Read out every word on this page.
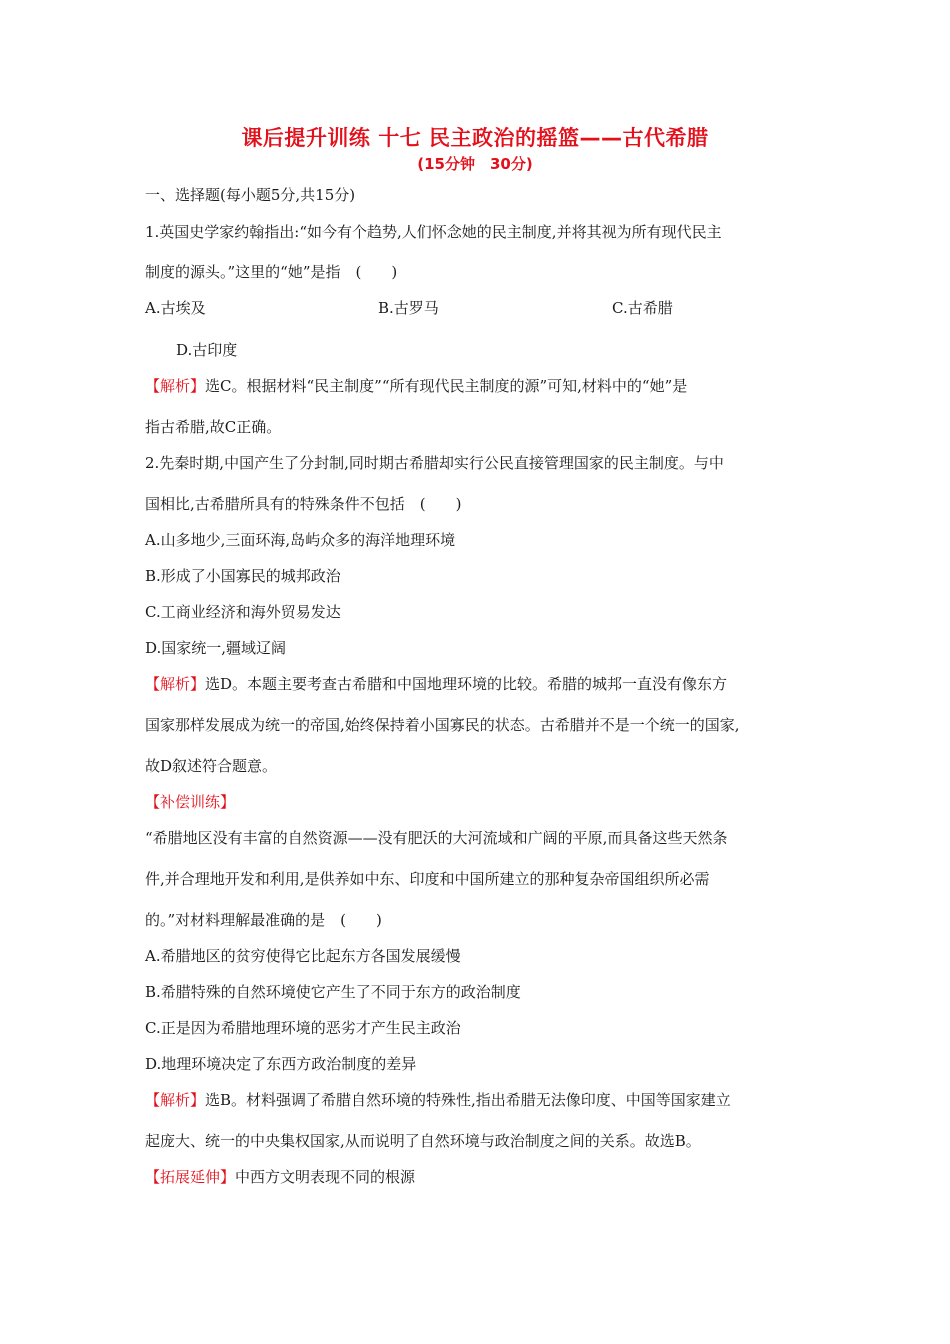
课后提升训练 十七 民主政治的摇篮——古代希腊
(15分钟　30分)
一、选择题(每小题5分,共15分)
1.英国史学家约翰指出:“如今有个趋势,人们怀念她的民主制度,并将其视为所有现代民主
制度的源头。”这里的“她”是指　(　　)
A.古埃及	B.古罗马	C.古希腊
D.古印度
【解析】选C。根据材料“民主制度”“所有现代民主制度的源”可知,材料中的“她”是
指古希腊,故C正确。
2.先秦时期,中国产生了分封制,同时期古希腊却实行公民直接管理国家的民主制度。与中
国相比,古希腊所具有的特殊条件不包括　(　　)
A.山多地少,三面环海,岛屿众多的海洋地理环境
B.形成了小国寡民的城邦政治
C.工商业经济和海外贸易发达
D.国家统一,疆域辽阔
【解析】选D。本题主要考查古希腊和中国地理环境的比较。希腊的城邦一直没有像东方
国家那样发展成为统一的帝国,始终保持着小国寡民的状态。古希腊并不是一个统一的国家,
故D叙述符合题意。
【补偿训练】
“希腊地区没有丰富的自然资源——没有肥沃的大河流域和广阔的平原,而具备这些天然条
件,并合理地开发和利用,是供养如中东、印度和中国所建立的那种复杂帝国组织所必需
的。”对材料理解最准确的是　(　　)
A.希腊地区的贫穷使得它比起东方各国发展缓慢
B.希腊特殊的自然环境使它产生了不同于东方的政治制度
C.正是因为希腊地理环境的恶劣才产生民主政治
D.地理环境决定了东西方政治制度的差异
【解析】选B。材料强调了希腊自然环境的特殊性,指出希腊无法像印度、中国等国家建立
起庞大、统一的中央集权国家,从而说明了自然环境与政治制度之间的关系。故选B。
【拓展延伸】中西方文明表现不同的根源
